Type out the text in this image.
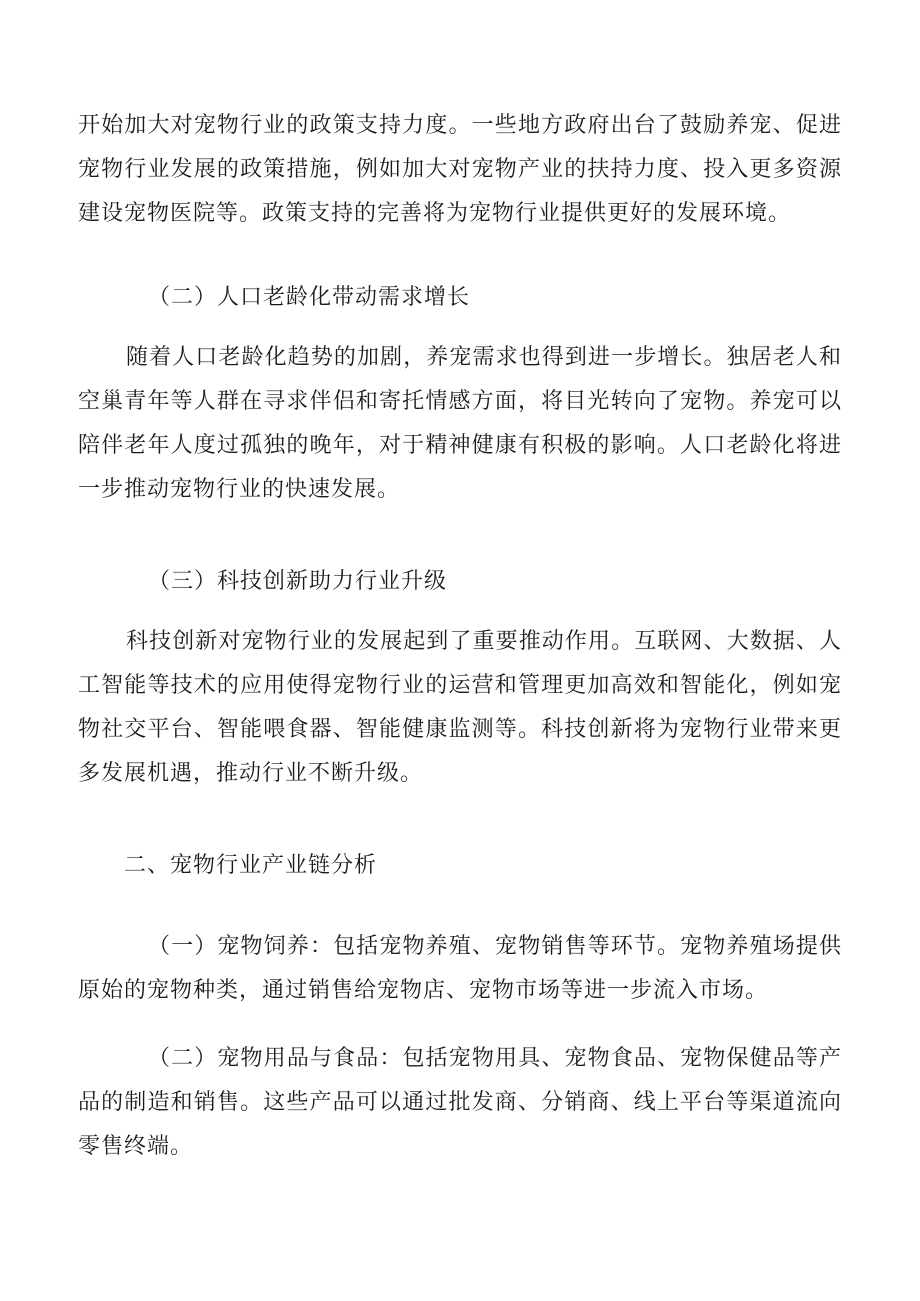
开始加大对宠物行业的政策支持力度。一些地方政府出台了鼓励养宠、促进宠物行业发展的政策措施，例如加大对宠物产业的扶持力度、投入更多资源建设宠物医院等。政策支持的完善将为宠物行业提供更好的发展环境。

（二）人口老龄化带动需求增长

随着人口老龄化趋势的加剧，养宠需求也得到进一步增长。独居老人和空巢青年等人群在寻求伴侣和寄托情感方面，将目光转向了宠物。养宠可以陪伴老年人度过孤独的晚年，对于精神健康有积极的影响。人口老龄化将进一步推动宠物行业的快速发展。

（三）科技创新助力行业升级

科技创新对宠物行业的发展起到了重要推动作用。互联网、大数据、人工智能等技术的应用使得宠物行业的运营和管理更加高效和智能化，例如宠物社交平台、智能喂食器、智能健康监测等。科技创新将为宠物行业带来更多发展机遇，推动行业不断升级。

二、宠物行业产业链分析

（一）宠物饲养：包括宠物养殖、宠物销售等环节。宠物养殖场提供原始的宠物种类，通过销售给宠物店、宠物市场等进一步流入市场。

（二）宠物用品与食品：包括宠物用具、宠物食品、宠物保健品等产品的制造和销售。这些产品可以通过批发商、分销商、线上平台等渠道流向零售终端。
